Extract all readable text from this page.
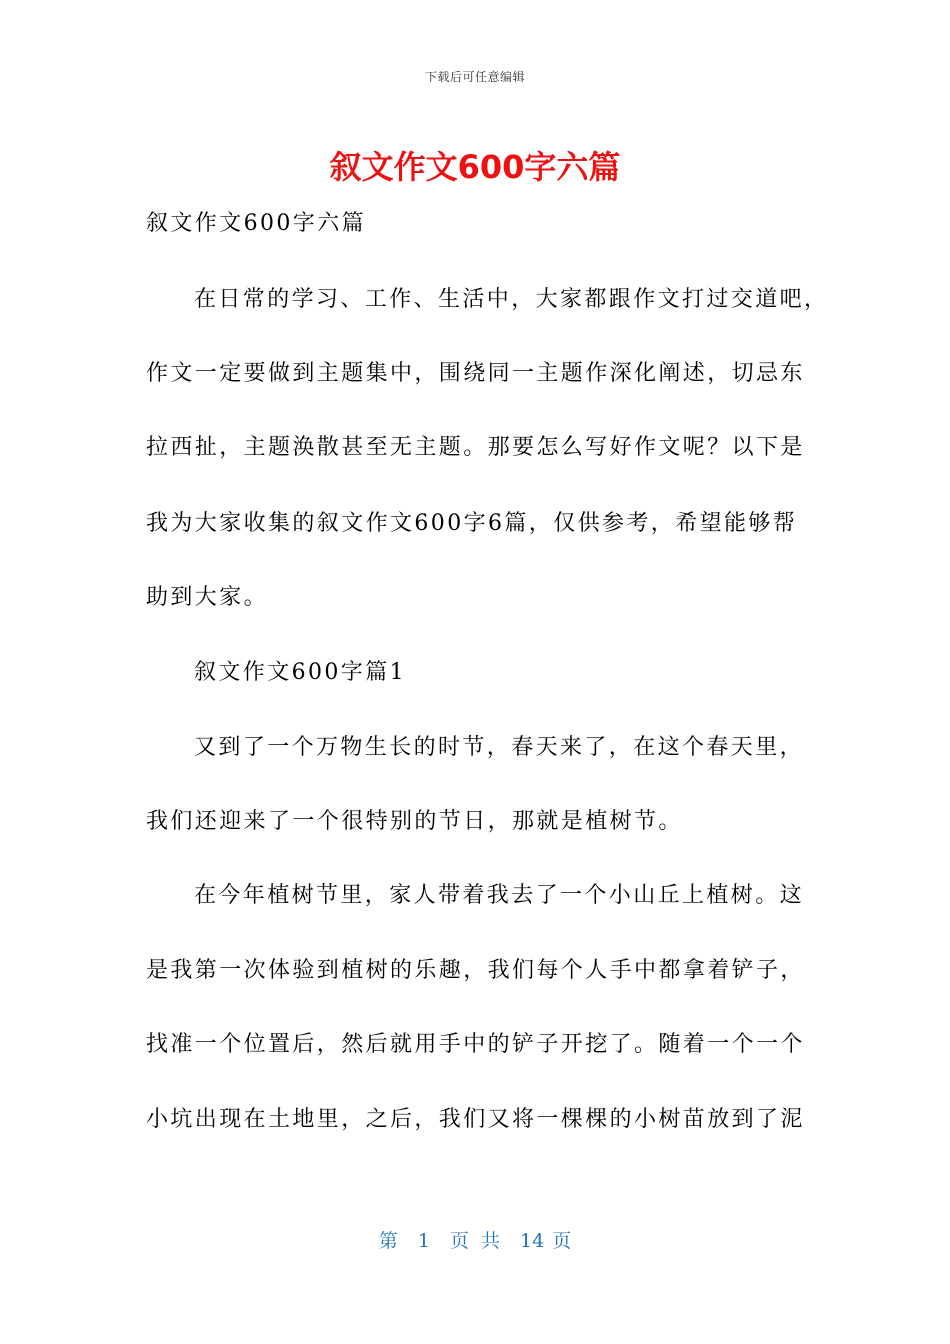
下载后可任意编辑
叙文作文600字六篇
叙文作文600字六篇
在日常的学习、工作、生活中，大家都跟作文打过交道吧，
作文一定要做到主题集中，围绕同一主题作深化阐述，切忌东
拉西扯，主题涣散甚至无主题。那要怎么写好作文呢？以下是
我为大家收集的叙文作文600字6篇，仅供参考，希望能够帮
助到大家。
叙文作文600字篇1
又到了一个万物生长的时节，春天来了，在这个春天里，
我们还迎来了一个很特别的节日，那就是植树节。
在今年植树节里，家人带着我去了一个小山丘上植树。这
是我第一次体验到植树的乐趣，我们每个人手中都拿着铲子，
找准一个位置后，然后就用手中的铲子开挖了。随着一个一个
小坑出现在土地里，之后，我们又将一棵棵的小树苗放到了泥
第 1 页 共 14 页
